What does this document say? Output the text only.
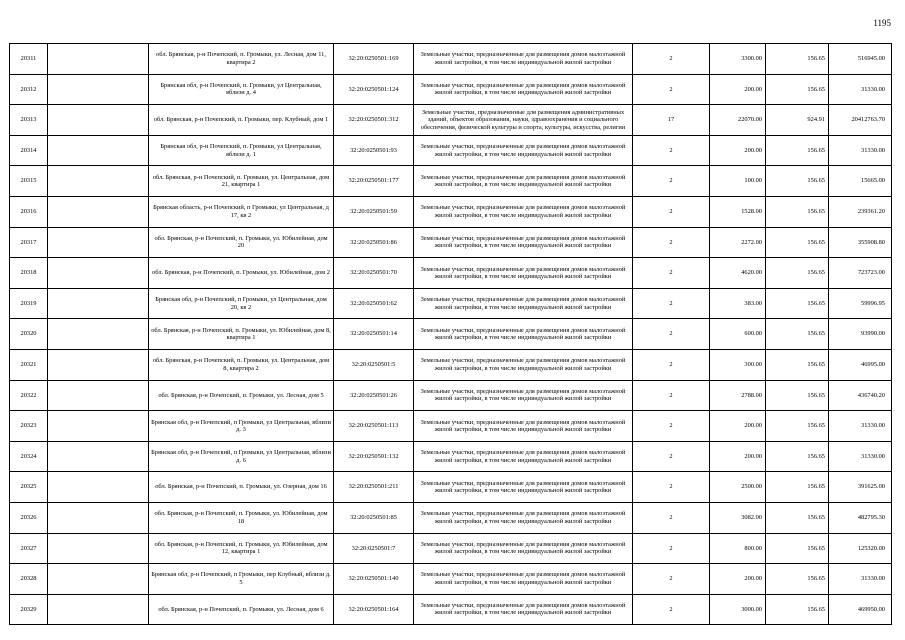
1195
20311		обл. Брянская, р-н Почепский, п. Громыки, ул. Лесная, дом 11, квартира 2	32:20:0250501:169	Земельные участки, предназначенные для размещения домов малоэтажной жилой застройки, в том числе индивидуальной жилой застройки	2	3300.00	156.65	516945.00
20312		Брянская обл, р-н Почепский, п. Громыки, ул Центральная, вблизи д. 4	32:20:0250501:124	Земельные участки, предназначенные для размещения домов малоэтажной жилой застройки, в том числе индивидуальной жилой застройки	2	200.00	156.65	31330.00
20313		обл. Брянская, р-н Почепский, п. Громыки, пер. Клубный, дом 1	32:20:0250501:312	Земельные участки, предназначенные для размещения административных зданий, объектов образования, науки, здравоохранения и социального обеспечения, физической культуры и спорта, культуры, искусства, религии	17	22070.00	924.91	20412763.70
20314		Брянская обл, р-н Почепский, п. Громыки, ул Центральная, вблизи д. 1	32:20:0250501:93	Земельные участки, предназначенные для размещения домов малоэтажной жилой застройки, в том числе индивидуальной жилой застройки	2	200.00	156.65	31330.00
20315		обл. Брянская, р-н Почепский, п. Громыки, ул. Центральная, дом 21, квартира 1	32:20:0250501:177	Земельные участки, предназначенные для размещения домов малоэтажной жилой застройки, в том числе индивидуальной жилой застройки	2	100.00	156.65	15665.00
20316		Брянская область, р-н Почепский, п Громыки, ул Центральная, д 17, кв 2	32:20:0250501:59	Земельные участки, предназначенные для размещения домов малоэтажной жилой застройки, в том числе индивидуальной жилой застройки	2	1528.00	156.65	239361.20
20317		обл. Брянская, р-н Почепский, п. Громыки, ул. Юбилейная, дом 20	32:20:0250501:86	Земельные участки, предназначенные для размещения домов малоэтажной жилой застройки, в том числе индивидуальной жилой застройки	2	2272.00	156.65	355908.80
20318		обл. Брянская, р-н Почепский, п. Громыки, ул. Юбилейная, дом 2	32:20:0250501:70	Земельные участки, предназначенные для размещения домов малоэтажной жилой застройки, в том числе индивидуальной жилой застройки	2	4620.00	156.65	723723.00
20319		Брянская обл, р-н Почепский, п Громыки, ул Центральная, дом 20, кв 2	32:20:0250501:62	Земельные участки, предназначенные для размещения домов малоэтажной жилой застройки, в том числе индивидуальной жилой застройки	2	383.00	156.65	59996.95
20320		обл. Брянская, р-н Почепский, п. Громыки, ул. Юбилейная, дом 8, квартира 1	32:20:0250501:14	Земельные участки, предназначенные для размещения домов малоэтажной жилой застройки, в том числе индивидуальной жилой застройки	2	600.00	156.65	93990.00
20321		обл. Брянская, р-н Почепский, п. Громыки, ул. Центральная, дом 8, квартира 2	32:20:0250501:5	Земельные участки, предназначенные для размещения домов малоэтажной жилой застройки, в том числе индивидуальной жилой застройки	2	300.00	156.65	46995.00
20322		обл. Брянская, р-н Почепский, п. Громыки, ул. Лесная, дом 5	32:20:0250501:26	Земельные участки, предназначенные для размещения домов малоэтажной жилой застройки, в том числе индивидуальной жилой застройки	2	2788.00	156.65	436740.20
20323		Брянская обл, р-н Почепский, п Громыки, ул Центральная, вблизи д. 3	32:20:0250501:113	Земельные участки, предназначенные для размещения домов малоэтажной жилой застройки, в том числе индивидуальной жилой застройки	2	200.00	156.65	31330.00
20324		Брянская обл, р-н Почепский, п Громыки, ул Центральная, вблизи д. 6	32:20:0250501:132	Земельные участки, предназначенные для размещения домов малоэтажной жилой застройки, в том числе индивидуальной жилой застройки	2	200.00	156.65	31330.00
20325		обл. Брянская, р-н Почепский, п. Громыки, ул. Озерная, дом 16	32:20:0250501:211	Земельные участки, предназначенные для размещения домов малоэтажной жилой застройки, в том числе индивидуальной жилой застройки	2	2500.00	156.65	391625.00
20326		обл. Брянская, р-н Почепский, п. Громыки, ул. Юбилейная, дом 18	32:20:0250501:85	Земельные участки, предназначенные для размещения домов малоэтажной жилой застройки, в том числе индивидуальной жилой застройки	2	3082.00	156.65	482795.30
20327		обл. Брянская, р-н Почепский, п. Громыки, ул. Юбилейная, дом 12, квартира 1	32:20:0250501:7	Земельные участки, предназначенные для размещения домов малоэтажной жилой застройки, в том числе индивидуальной жилой застройки	2	800.00	156.65	125320.00
20328		Брянская обл, р-н Почепский, п Громыки, пер Клубный, вблизи д. 5	32:20:0250501:140	Земельные участки, предназначенные для размещения домов малоэтажной жилой застройки, в том числе индивидуальной жилой застройки	2	200.00	156.65	31330.00
20329		обл. Брянская, р-н Почепский, п. Громыки, ул. Лесная, дом 6	32:20:0250501:164	Земельные участки, предназначенные для размещения домов малоэтажной жилой застройки, в том числе индивидуальной жилой застройки	2	3000.00	156.65	469950.00
